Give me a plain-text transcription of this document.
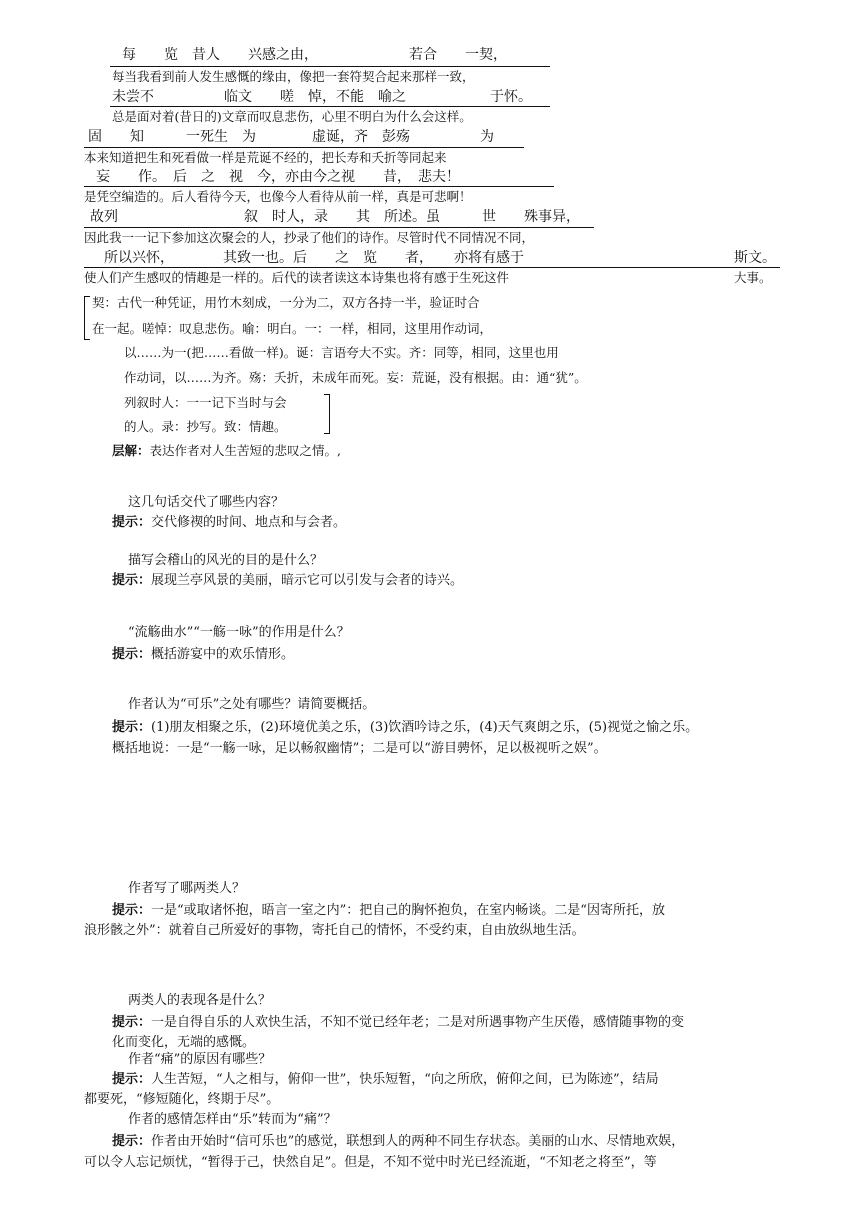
每　　览　昔人　　兴感之由，　　　　　　　若合　　一契，
每当我看到前人发生感慨的缘由，像把一套符契合起来那样一致，
未尝不　　　　　临文　　嗟　悼，不能　喻之　　　　　　于怀。
总是面对着(昔日的)文章而叹息悲伤，心里不明白为什么会这样。
固　　知　　　一死生　为　　　　虚诞，齐　彭殇　　　　　为
本来知道把生和死看做一样是荒诞不经的，把长寿和夭折等同起来
妄　　作。　后　之　视　今，亦由今之视　　昔，　悲夫！
是凭空编造的。后人看待今天，也像今人看待从前一样，真是可悲啊！
故列　　　　　　　　　叙　时人，录　　其　所述。虽　　　世　　殊事异，
因此我一一记下参加这次聚会的人，抄录了他们的诗作。尽管时代不同情况不同，
所以兴怀，　　　　其致一也。后　　之　览　　者，　　亦将有感于	斯文。
使人们产生感叹的情趣是一样的。后代的读者读这本诗集也将有感于生死这件	大事。
契：古代一种凭证，用竹木刻成，一分为二，双方各持一半，验证时合
在一起。嗟悼：叹息悲伤。喻：明白。一：一样，相同，这里用作动词，
以……为一(把……看做一样)。诞：言语夸大不实。齐：同等，相同，这里也用
作动词，以……为齐。殇：夭折，未成年而死。妄：荒诞，没有根据。由：通“犹”。
列叙时人：一一记下当时与会
的人。录：抄写。致：情趣。
层解：表达作者对人生苦短的悲叹之情。,
这几句话交代了哪些内容？
提示：交代修禊的时间、地点和与会者。
描写会稽山的风光的目的是什么？
提示：展现兰亭风景的美丽，暗示它可以引发与会者的诗兴。
“流觞曲水”“一觞一咏”的作用是什么？
提示：概括游宴中的欢乐情形。
作者认为“可乐”之处有哪些？请简要概括。
提示：(1)朋友相聚之乐，(2)环境优美之乐，(3)饮酒吟诗之乐，(4)天气爽朗之乐，(5)视觉之愉之乐。
概括地说：一是“一觞一咏，足以畅叙幽情”；二是可以“游目骋怀，足以极视听之娱”。
作者写了哪两类人？
提示：一是“或取诸怀抱，晤言一室之内”：把自己的胸怀抱负，在室内畅谈。二是“因寄所托，放
浪形骸之外”：就着自己所爱好的事物，寄托自己的情怀，不受约束，自由放纵地生活。
两类人的表现各是什么？
提示：一是自得自乐的人欢快生活，不知不觉已经年老；二是对所遇事物产生厌倦，感情随事物的变
化而变化，无端的感慨。
作者“痛”的原因有哪些？
提示：人生苦短，“人之相与，俯仰一世”，快乐短暂，“向之所欣，俯仰之间，已为陈迹”，结局
都要死，“修短随化，终期于尽”。
作者的感情怎样由“乐”转而为“痛”？
提示：作者由开始时“信可乐也”的感觉，联想到人的两种不同生存状态。美丽的山水、尽情地欢娱，
可以令人忘记烦忧，“暂得于己，快然自足”。但是，不知不觉中时光已经流逝，“不知老之将至”，等
